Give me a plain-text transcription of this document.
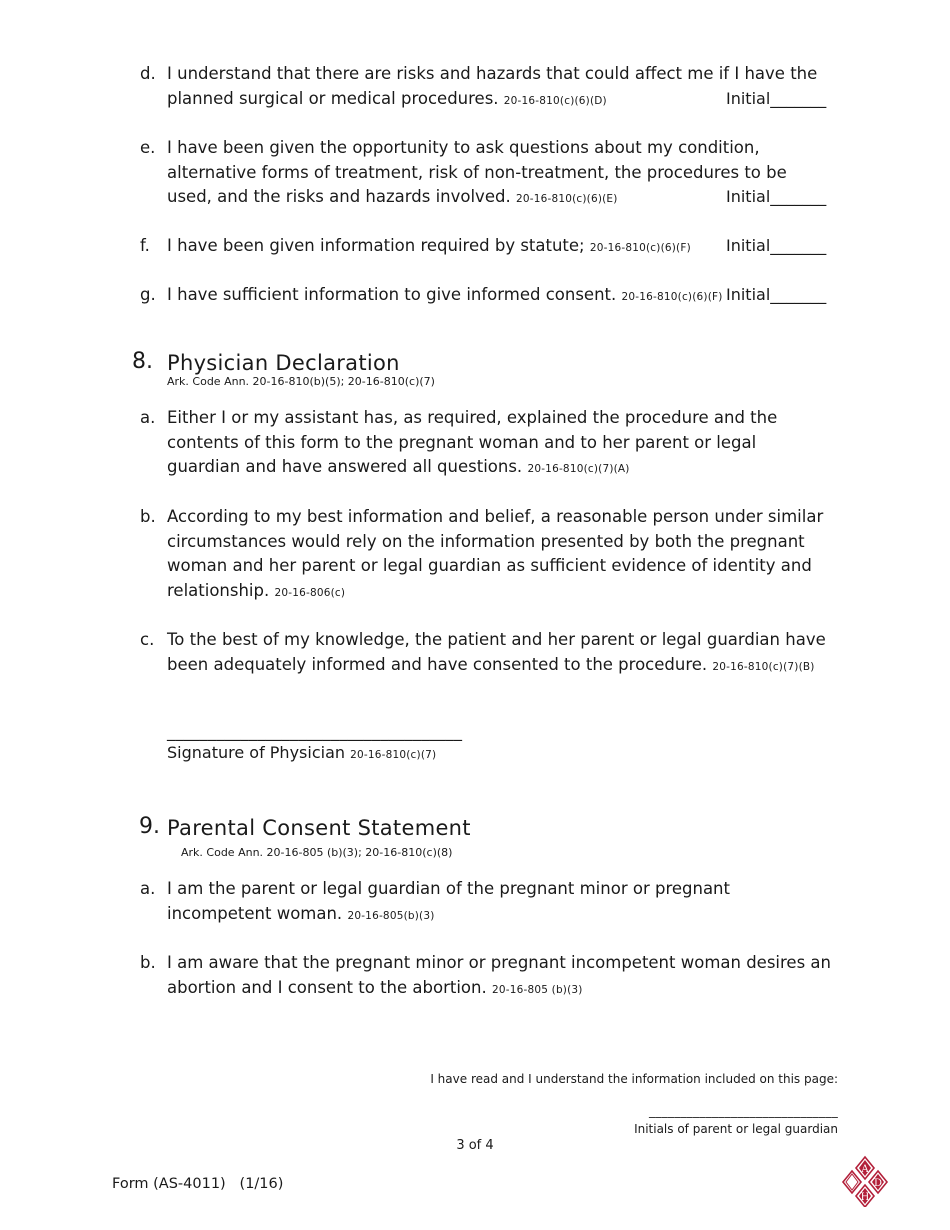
d. I understand that there are risks and hazards that could affect me if I have the planned surgical or medical procedures. 20-16-810(c)(6)(D)	Initial_______
e. I have been given the opportunity to ask questions about my condition, alternative forms of treatment, risk of non-treatment, the procedures to be used, and the risks and hazards involved. 20-16-810(c)(6)(E)	Initial_______
f. I have been given information required by statute; 20-16-810(c)(6)(F)	Initial_______
g. I have sufficient information to give informed consent. 20-16-810(c)(6)(F) Initial_______
8. Physician Declaration
Ark. Code Ann. 20-16-810(b)(5); 20-16-810(c)(7)
a. Either I or my assistant has, as required, explained the procedure and the contents of this form to the pregnant woman and to her parent or legal guardian and have answered all questions. 20-16-810(c)(7)(A)
b. According to my best information and belief, a reasonable person under similar circumstances would rely on the information presented by both the pregnant woman and her parent or legal guardian as sufficient evidence of identity and relationship. 20-16-806(c)
c. To the best of my knowledge, the patient and her parent or legal guardian have been adequately informed and have consented to the procedure. 20-16-810(c)(7)(B)
____________________________________
Signature of Physician 20-16-810(c)(7)
9. Parental Consent Statement
Ark. Code Ann. 20-16-805 (b)(3); 20-16-810(c)(8)
a. I am the parent or legal guardian of the pregnant minor or pregnant incompetent woman. 20-16-805(b)(3)
b. I am aware that the pregnant minor or pregnant incompetent woman desires an abortion and I consent to the abortion. 20-16-805 (b)(3)
I have read and I understand the information included on this page:
______________________________
Initials of parent or legal guardian
3 of 4
Form (AS-4011)   (1/16)
A
D
H
